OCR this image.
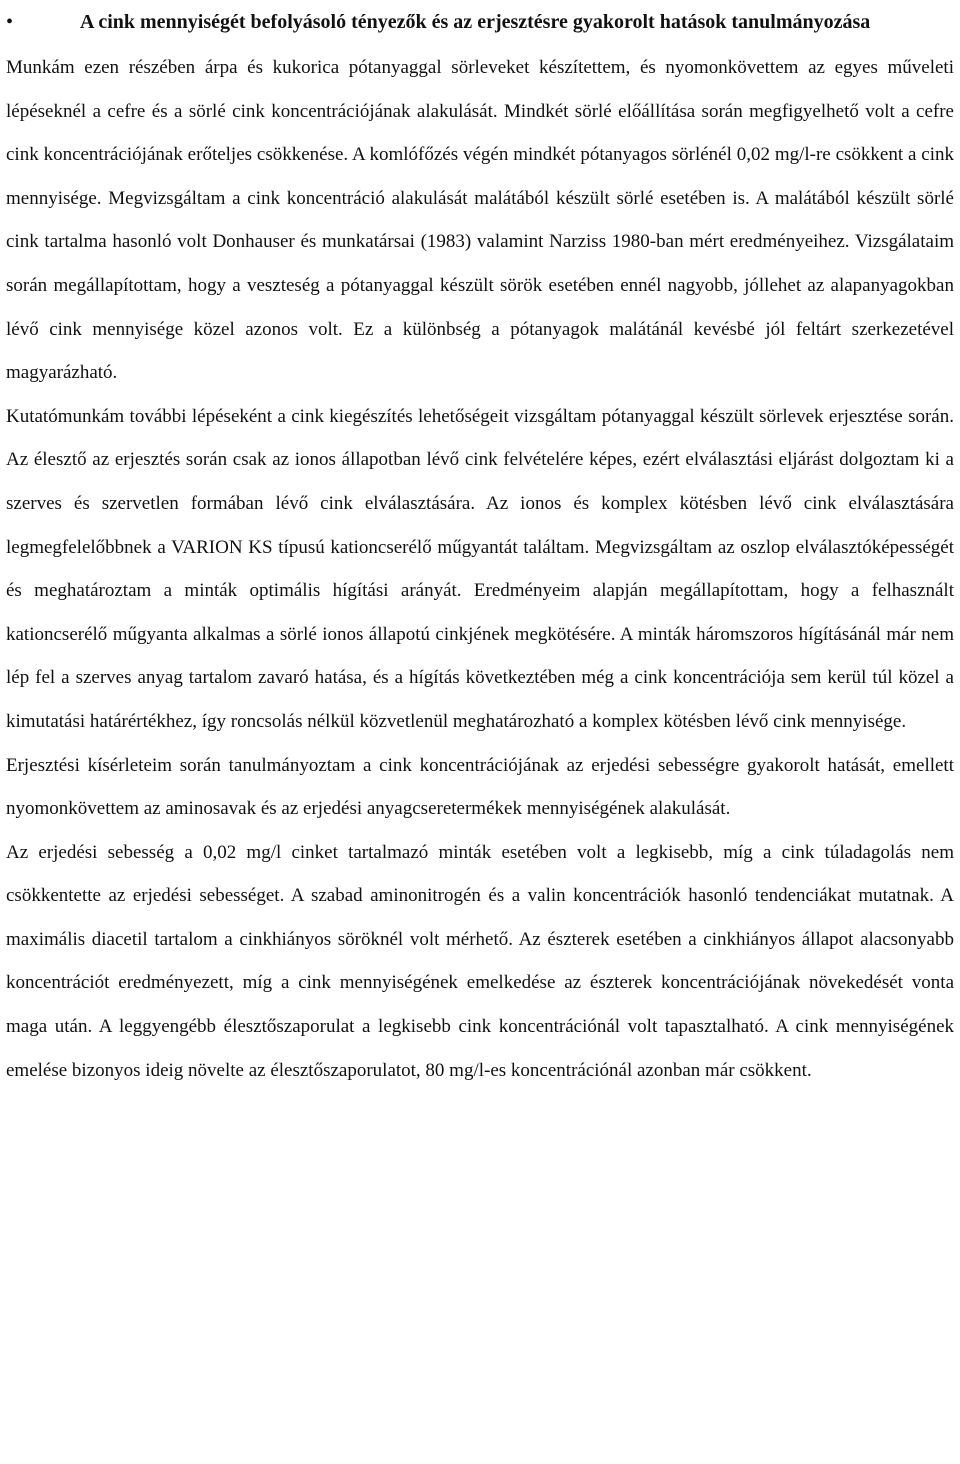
•	A cink mennyiségét befolyásoló tényezők és az erjesztésre gyakorolt hatások tanulmányozása

Munkám ezen részében árpa és kukorica pótanyaggal sörleveket készítettem, és nyomonkövettem az egyes műveleti lépéseknél a cefre és a sörlé cink koncentrációjának alakulását. Mindkét sörlé előállítása során megfigyelhető volt a cefre cink koncentrációjának erőteljes csökkenése. A komlófőzés végén mindkét pótanyagos sörlénél 0,02 mg/l-re csökkent a cink mennyisége. Megvizsgáltam a cink koncentráció alakulását malátából készült sörlé esetében is. A malátából készült sörlé cink tartalma hasonló volt Donhauser és munkatársai (1983) valamint Narziss 1980-ban mért eredményeihez. Vizsgálataim során megállapítottam, hogy a veszteség a pótanyaggal készült sörök esetében ennél nagyobb, jóllehet az alapanyagokban lévő cink mennyisége közel azonos volt. Ez a különbség a pótanyagok malátánál kevésbé jól feltárt szerkezetével magyarázható.

Kutatómunkám további lépéseként a cink kiegészítés lehetőségeit vizsgáltam pótanyaggal készült sörlevek erjesztése során. Az élesztő az erjesztés során csak az ionos állapotban lévő cink felvételére képes, ezért elválasztási eljárást dolgoztam ki a szerves és szervetlen formában lévő cink elválasztására. Az ionos és komplex kötésben lévő cink elválasztására legmegfelelőbbnek a VARION KS típusú kationcserélő műgyantát találtam. Megvizsgáltam az oszlop elválasztóképességét és meghatároztam a minták optimális hígítási arányát. Eredményeim alapján megállapítottam, hogy a felhasznált kationcserélő műgyanta alkalmas a sörlé ionos állapotú cinkjének megkötésére. A minták háromszoros hígításánál már nem lép fel a szerves anyag tartalom zavaró hatása, és a hígítás következtében még a cink koncentrációja sem kerül túl közel a kimutatási határértékhez, így roncsolás nélkül közvetlenül meghatározható a komplex kötésben lévő cink mennyisége.

Erjesztési kísérleteim során tanulmányoztam a cink koncentrációjának az erjedési sebességre gyakorolt hatását, emellett nyomonkövettem az aminosavak és az erjedési anyagcseretermékek mennyiségének alakulását.

Az erjedési sebesség a 0,02 mg/l cinket tartalmazó minták esetében volt a legkisebb, míg a cink túladagolás nem csökkentette az erjedési sebességet. A szabad aminonitrogén és a valin koncentrációk hasonló tendenciákat mutatnak. A maximális diacetil tartalom a cinkhiányos söröknél volt mérhető. Az észterek esetében a cinkhiányos állapot alacsonyabb koncentrációt eredményezett, míg a cink mennyiségének emelkedése az észterek koncentrációjának növekedését vonta maga után. A leggyengébb élesztőszaporulat a legkisebb cink koncentrációnál volt tapasztalható. A cink mennyiségének emelése bizonyos ideig növelte az élesztőszaporulatot, 80 mg/l-es koncentrációnál azonban már csökkent.
